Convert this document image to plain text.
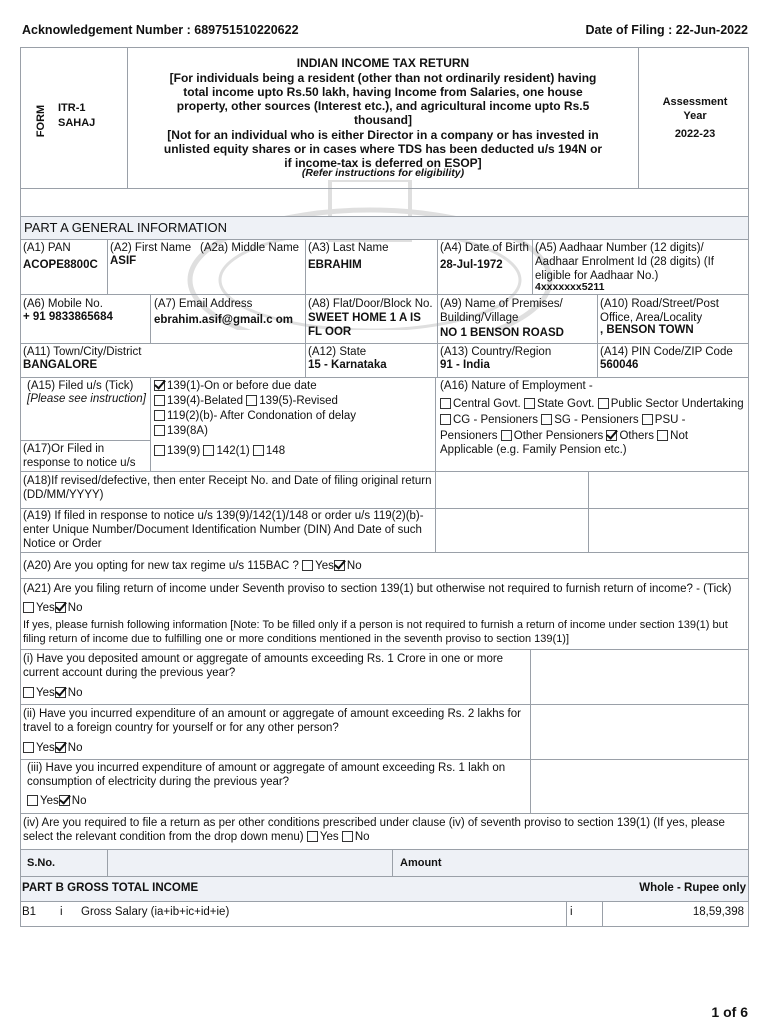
Acknowledgement Number : 689751510220622	Date of Filing : 22-Jun-2022
FORM ITR-1
SAHAJ
INDIAN INCOME TAX RETURN
[For individuals being a resident (other than not ordinarily resident) having total income upto Rs.50 lakh, having Income from Salaries, one house property, other sources (Interest etc.), and agricultural income upto Rs.5 thousand]
[Not for an individual who is either Director in a company or has invested in unlisted equity shares or in cases where TDS has been deducted u/s 194N or if income-tax is deferred on ESOP]
(Refer instructions for eligibility)
Assessment Year
2022-23
PART A GENERAL INFORMATION
(A1) PAN
ACOPE8800C
(A2) First Name (A2a) Middle Name
ASIF
(A3) Last Name
EBRAHIM
(A4) Date of Birth
28-Jul-1972
(A5) Aadhaar Number (12 digits)/ Aadhaar Enrolment Id (28 digits) (If eligible for Aadhaar No.)
4xxxxxxx5211
(A6) Mobile No.
+ 91 9833865684
(A7) Email Address
ebrahim.asif@gmail.c om
(A8) Flat/Door/Block No.
SWEET HOME 1 A IS FL OOR
(A9) Name of Premises/ Building/Village
NO 1 BENSON ROASD
(A10) Road/Street/Post Office, Area/Locality
, BENSON TOWN
(A11) Town/City/District
BANGALORE
(A12) State
15 - Karnataka
(A13) Country/Region
91 - India
(A14) PIN Code/ZIP Code
560046
(A15) Filed u/s (Tick)
[Please see instruction]
139(1)-On or before due date
139(4)-Belated 139(5)-Revised
119(2)(b)- After Condonation of delay
139(8A)
(A17)Or Filed in response to notice u/s
139(9) 142(1) 148
(A16) Nature of Employment -
Central Govt. State Govt. Public Sector Undertaking
CG - Pensioners SG - Pensioners PSU -
Pensioners Other Pensioners Others Not
Applicable (e.g. Family Pension etc.)
(A18)If revised/defective, then enter Receipt No. and Date of filing original return (DD/MM/YYYY)
(A19) If filed in response to notice u/s 139(9)/142(1)/148 or order u/s 119(2)(b)- enter Unique Number/Document Identification Number (DIN) And Date of such Notice or Order
(A20) Are you opting for new tax regime u/s 115BAC ? Yes No
(A21) Are you filing return of income under Seventh proviso to section 139(1) but otherwise not required to furnish return of income? - (Tick)
Yes No
If yes, please furnish following information [Note: To be filled only if a person is not required to furnish a return of income under section 139(1) but filing return of income due to fulfilling one or more conditions mentioned in the seventh proviso to section 139(1)]
(i) Have you deposited amount or aggregate of amounts exceeding Rs. 1 Crore in one or more current account during the previous year?
Yes No
(ii) Have you incurred expenditure of an amount or aggregate of amount exceeding Rs. 2 lakhs for travel to a foreign country for yourself or for any other person?
Yes No
(iii) Have you incurred expenditure of amount or aggregate of amount exceeding Rs. 1 lakh on consumption of electricity during the previous year?
Yes No
(iv) Are you required to file a return as per other conditions prescribed under clause (iv) of seventh proviso to section 139(1) (If yes, please select the relevant condition from the drop down menu) Yes No
S.No.	Amount
PART B GROSS TOTAL INCOME	Whole - Rupee only
B1 i Gross Salary (ia+ib+ic+id+ie)	i	18,59,398
1 of 6
